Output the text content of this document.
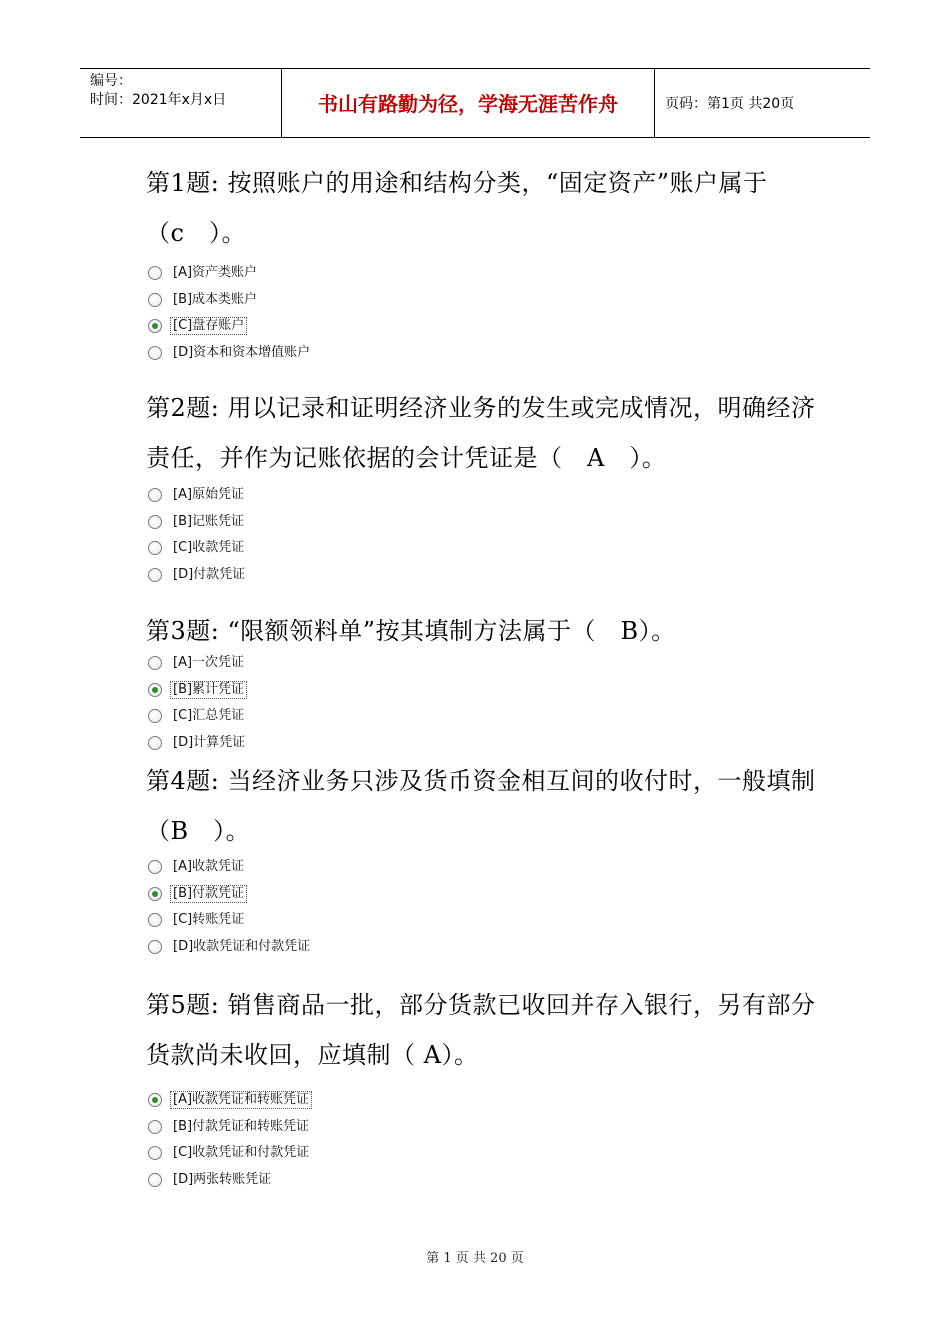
编号：
时间：2021年x月x日	书山有路勤为径，学海无涯苦作舟	页码：第1页 共20页
第1题: 按照账户的用途和结构分类，“固定资产”账户属于（c　）。
[A]资产类账户
[B]成本类账户
[C]盘存账户
[D]资本和资本增值账户
第2题: 用以记录和证明经济业务的发生或完成情况，明确经济责任，并作为记账依据的会计凭证是（　A　）。
[A]原始凭证
[B]记账凭证
[C]收款凭证
[D]付款凭证
第3题: “限额领料单”按其填制方法属于（　B）。
[A]一次凭证
[B]累计凭证
[C]汇总凭证
[D]计算凭证
第4题: 当经济业务只涉及货币资金相互间的收付时，一般填制（B　）。
[A]收款凭证
[B]付款凭证
[C]转账凭证
[D]收款凭证和付款凭证
第5题: 销售商品一批，部分货款已收回并存入银行，另有部分货款尚未收回，应填制（ A）。
[A]收款凭证和转账凭证
[B]付款凭证和转账凭证
[C]收款凭证和付款凭证
[D]两张转账凭证
第 1 页 共 20 页
